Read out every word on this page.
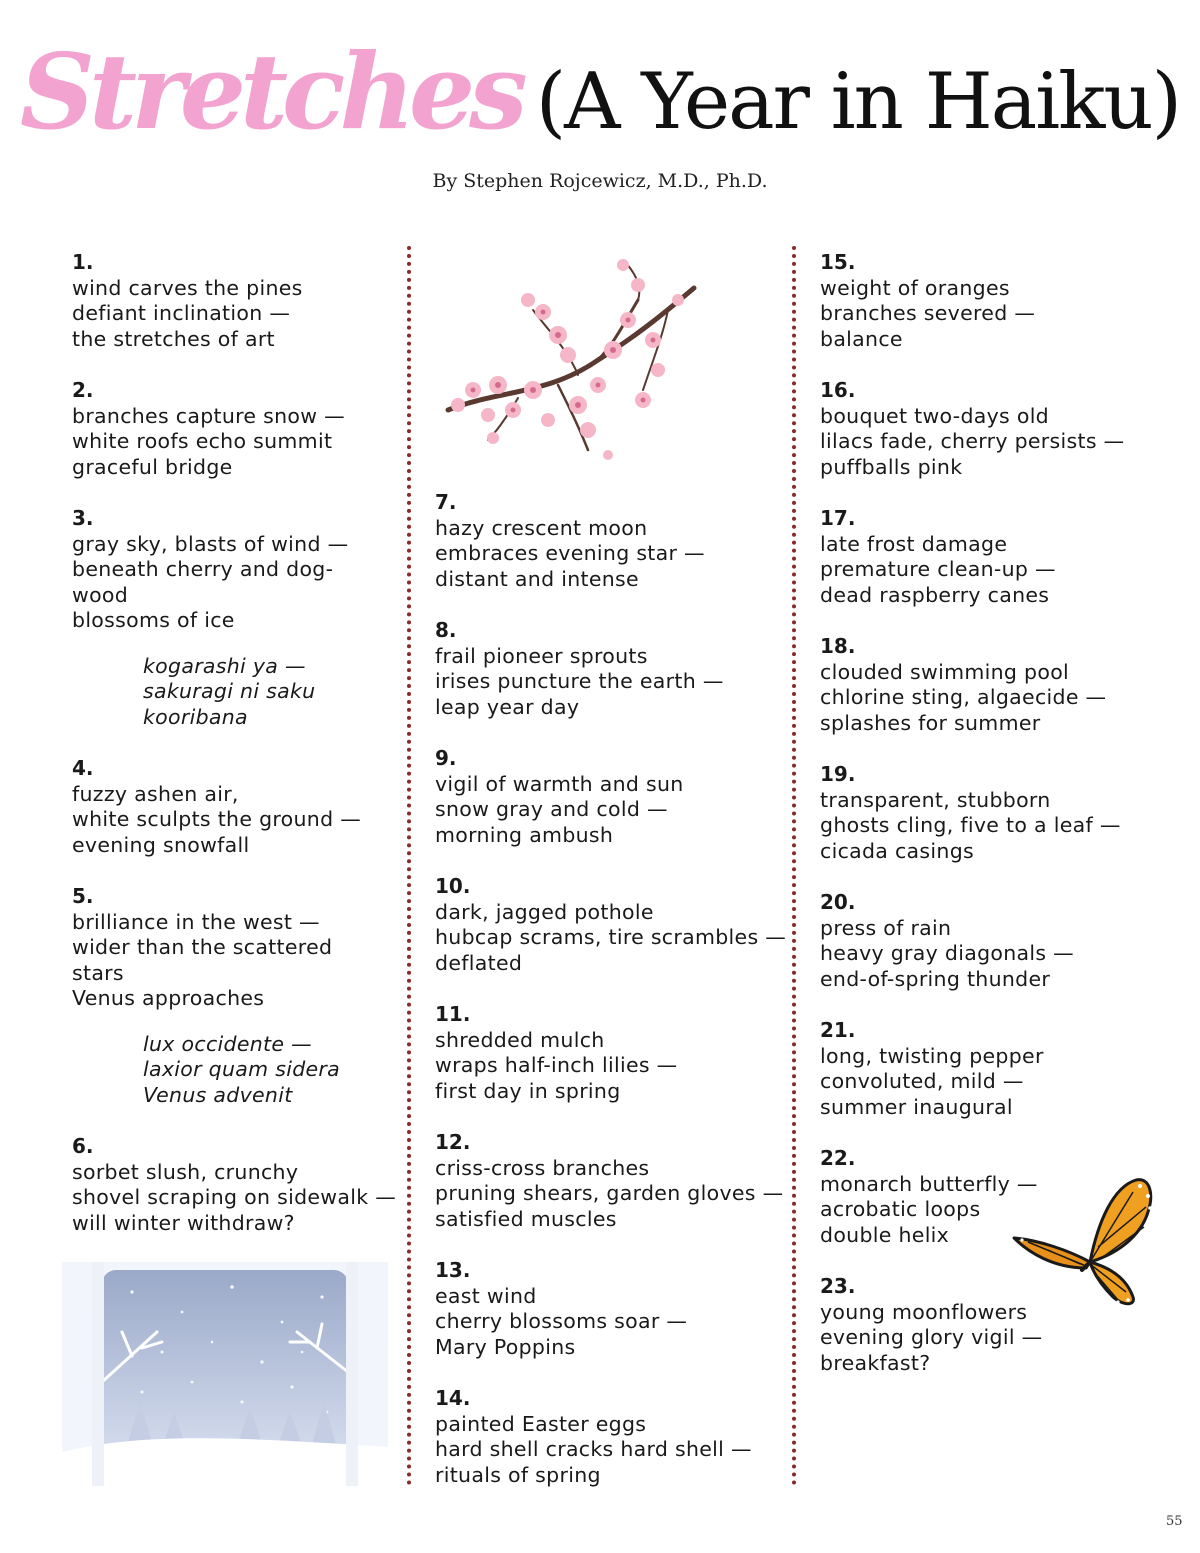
Stretches (A Year in Haiku)
By Stephen Rojcewicz, M.D., Ph.D.
1.
wind carves the pines
defiant inclination —
the stretches of art
2.
branches capture snow —
white roofs echo summit
graceful bridge
3.
gray sky, blasts of wind —
beneath cherry and dog-
wood
blossoms of ice
kogarashi ya —
sakuragi ni saku
kooribana
4.
fuzzy ashen air,
white sculpts the ground —
evening snowfall
5.
brilliance in the west —
wider than the scattered
stars
Venus approaches
lux occidente —
laxior quam sidera
Venus advenit
6.
sorbet slush, crunchy
shovel scraping on sidewalk —
will winter withdraw?
7.
hazy crescent moon
embraces evening star —
distant and intense
8.
frail pioneer sprouts
irises puncture the earth —
leap year day
9.
vigil of warmth and sun
snow gray and cold —
morning ambush
10.
dark, jagged pothole
hubcap scrams, tire scrambles —
deflated
11.
shredded mulch
wraps half-inch lilies —
first day in spring
12.
criss-cross branches
pruning shears, garden gloves —
satisfied muscles
13.
east wind
cherry blossoms soar —
Mary Poppins
14.
painted Easter eggs
hard shell cracks hard shell —
rituals of spring
15.
weight of oranges
branches severed —
balance
16.
bouquet two-days old
lilacs fade, cherry persists —
puffballs pink
17.
late frost damage
premature clean-up —
dead raspberry canes
18.
clouded swimming pool
chlorine sting, algaecide —
splashes for summer
19.
transparent, stubborn
ghosts cling, five to a leaf —
cicada casings
20.
press of rain
heavy gray diagonals —
end-of-spring thunder
21.
long, twisting pepper
convoluted, mild —
summer inaugural
22.
monarch butterfly —
acrobatic loops
double helix
23.
young moonflowers
evening glory vigil —
breakfast?
55
